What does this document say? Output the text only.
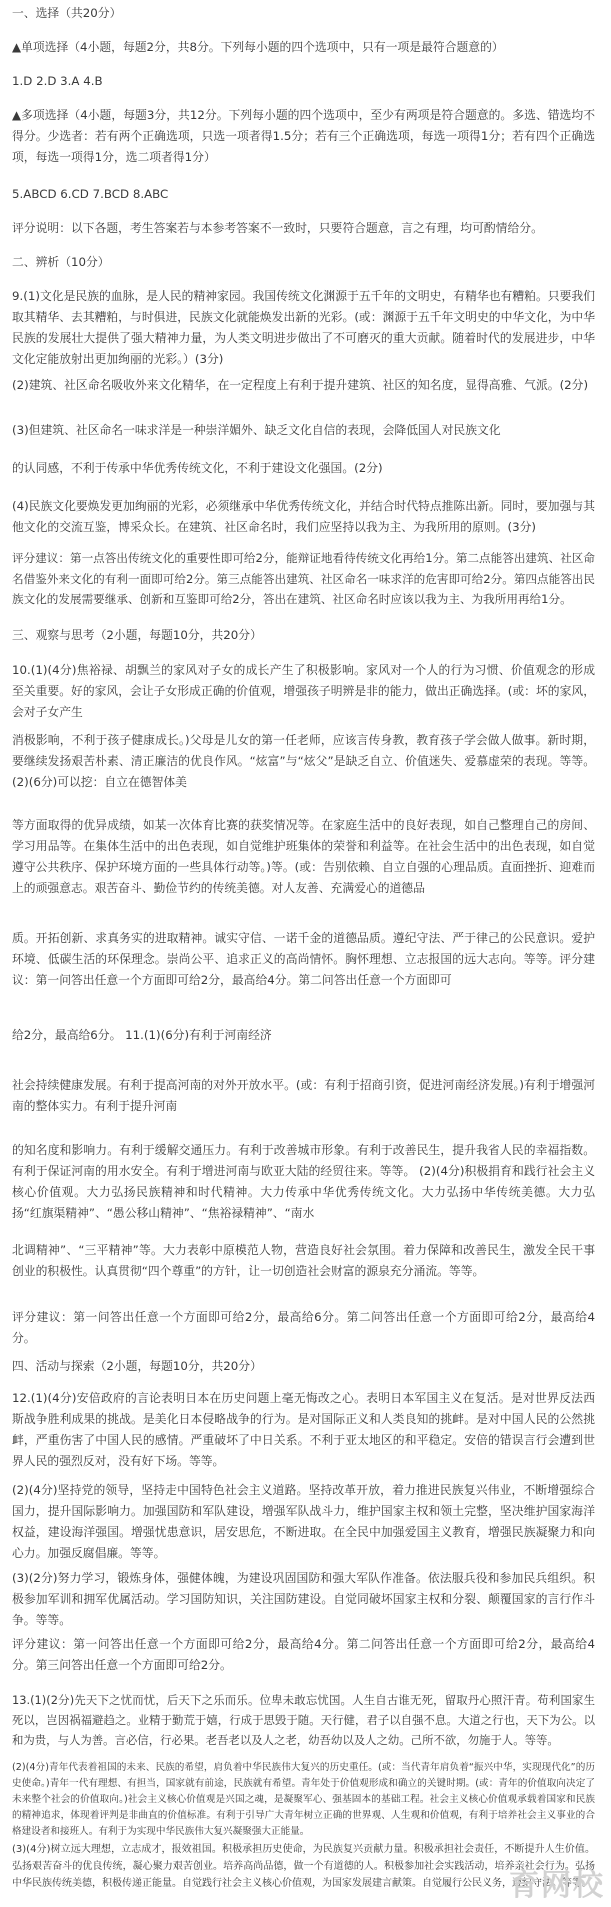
一、选择（共20分）

▲单项选择（4小题，每题2分，共8分。下列每小题的四个选项中，只有一项是最符合题意的）

1.D 2.D 3.A 4.B

▲多项选择（4小题，每题3分，共12分。下列每小题的四个选项中，至少有两项是符合题意的。多选、错选均不得分。少选者：若有两个正确选项，只选一项者得1.5分；若有三个正确选项，每选一项得1分；若有四个正确选项，每选一项得1分，选二项者得1分）

5.ABCD 6.CD 7.BCD 8.ABC

评分说明：以下各题，考生答案若与本参考答案不一致时，只要符合题意，言之有理，均可酌情给分。

二、辨析（10分）

9.(1)文化是民族的血脉，是人民的精神家园。我国传统文化渊源于五千年的文明史，有精华也有糟粕。只要我们取其精华、去其糟粕，与时俱进，民族文化就能焕发出新的光彩。(或：渊源于五千年文明史的中华文化，为中华民族的发展壮大提供了强大精神力量，为人类文明进步做出了不可磨灭的重大贡献。随着时代的发展进步，中华文化定能放射出更加绚丽的光彩。）(3分)

(2)建筑、社区命名吸收外来文化精华，在一定程度上有利于提升建筑、社区的知名度，显得高雅、气派。(2分)

(3)但建筑、社区命名一味求洋是一种崇洋媚外、缺乏文化自信的表现，会降低国人对民族文化

的认同感，不利于传承中华优秀传统文化，不利于建设文化强国。(2分)

(4)民族文化要焕发更加绚丽的光彩，必须继承中华优秀传统文化，并结合时代特点推陈出新。同时，要加强与其他文化的交流互鉴，博采众长。在建筑、社区命名时，我们应坚持以我为主、为我所用的原则。(3分)

评分建议：第一点答出传统文化的重要性即可给2分，能辩证地看待传统文化再给1分。第二点能答出建筑、社区命名借鉴外来文化的有利一面即可给2分。第三点能答出建筑、社区命名一味求洋的危害即可给2分。第四点能答出民族文化的发展需要继承、创新和互鉴即可给2分，答出在建筑、社区命名时应该以我为主、为我所用再给1分。

三、观察与思考（2小题，每题10分，共20分）

10.(1)(4分)焦裕禄、胡飘兰的家风对子女的成长产生了积极影响。家风对一个人的行为习惯、价值观念的形成至关重要。好的家风，会让子女形成正确的价值观，增强孩子明辨是非的能力，做出正确选择。(或：坏的家风，会对子女产生

消极影响，不利于孩子健康成长。)父母是儿女的第一任老师，应该言传身教，教育孩子学会做人做事。新时期，要继续发扬艰苦朴素、清正廉洁的优良作风。“炫富”与“炫父”是缺乏自立、价值迷失、爱慕虚荣的表现。等等。 (2)(6分)可以挖：自立在德智体美

等方面取得的优异成绩，如某一次体育比赛的获奖情况等。在家庭生活中的良好表现，如自己整理自己的房间、学习用品等。在集体生活中的出色表现，如自觉维护班集体的荣誉和利益等。在社会生活中的出色表现，如自觉遵守公共秩序、保护环境方面的一些具体行动等。)等。(或：告别依赖、自立自强的心理品质。直面挫折、迎难而上的顽强意志。艰苦奋斗、勤俭节约的传统美德。对人友善、充满爱心的道德品

质。开拓创新、求真务实的进取精神。诚实守信、一诺千金的道德品质。遵纪守法、严于律己的公民意识。爱护环境、低碳生活的环保理念。崇尚公平、追求正义的高尚情怀。胸怀理想、立志报国的远大志向。等等。评分建议：第一问答出任意一个方面即可给2分，最高给4分。第二问答出任意一个方面即可

给2分，最高给6分。 11.(1)(6分)有利于河南经济

社会持续健康发展。有利于提高河南的对外开放水平。(或：有利于招商引资，促进河南经济发展。)有利于增强河南的整体实力。有利于提升河南

的知名度和影响力。有利于缓解交通压力。有利于改善城市形象。有利于改善民生，提升我省人民的幸福指数。有利于保证河南的用水安全。有利于增进河南与欧亚大陆的经贸往来。等等。 (2)(4分)积极捐育和践行社会主义核心价值观。大力弘扬民族精神和时代精神。大力传承中华优秀传统文化。大力弘扬中华传统美德。大力弘扬“红旗渠精神”、“愚公移山精神”、“焦裕禄精神”、“南水

北调精神”、“三平精神”等。大力表彰中原模范人物，营造良好社会氛围。着力保障和改善民生，激发全民干事创业的积极性。认真贯彻“四个尊重”的方针，让一切创造社会财富的源泉充分涌流。等等。

评分建议：第一问答出任意一个方面即可给2分，最高给6分。第二问答出任意一个方面即可给2分，最高给4分。

四、活动与探索（2小题，每题10分，共20分）

12.(1)(4分)安倍政府的言论表明日本在历史问题上毫无悔改之心。表明日本军国主义在复活。是对世界反法西斯战争胜利成果的挑战。是美化日本侵略战争的行为。是对国际正义和人类良知的挑衅。是对中国人民的公然挑衅，严重伤害了中国人民的感情。严重破坏了中日关系。不利于亚太地区的和平稳定。安倍的错误言行会遭到世界人民的强烈反对，没有好下场。等等。

(2)(4分)坚持党的领导，坚持走中国特色社会主义道路。坚持改革开放，着力推进民族复兴伟业，不断增强综合国力，提升国际影响力。加强国防和军队建设，增强军队战斗力，维护国家主权和领土完整，坚决维护国家海洋权益，建设海洋强国。增强忧患意识，居安思危，不断进取。在全民中加强爱国主义教育，增强民族凝聚力和向心力。加强反腐倡廉。等等。

(3)(2分)努力学习，锻炼身体，强健体魄，为建设巩固国防和强大军队作准备。依法服兵役和参加民兵组织。积极参加军训和拥军优属活动。学习国防知识，关注国防建设。自觉同破坏国家主权和分裂、颠覆国家的言行作斗争。等等。

评分建议：第一问答出任意一个方面即可给2分，最高给4分。第二问答出任意一个方面即可给2分，最高给4分。第三问答出任意一个方面即可给2分。

13.(1)(2分)先天下之忧而忧，后天下之乐而乐。位卑未敢忘忧国。人生自古谁无死，留取丹心照汗青。苟利国家生死以，岂因祸福避趋之。业精于勤荒于嬉，行成于思毁于随。天行健，君子以自强不息。大道之行也，天下为公。以和为贵，与人为善。言必信，行必果。老吾老以及人之老，幼吾幼以及人之幼。己所不欲，勿施于人。等等。

(2)(4分)青年代表着祖国的未来、民族的希望，肩负着中华民族伟大复兴的历史重任。(或：当代青年肩负着“振兴中华，实现现代化”的历史使命。)青年一代有理想、有担当，国家就有前途，民族就有希望。青年处于价值观形成和确立的关键时期。(或：青年的价值取向决定了未来整个社会的价值取向。)社会主义核心价值观是兴国之魂，是凝聚军心、强基固本的基础工程。社会主义核心价值观承载着国家和民族的精神追求，体现着评判是非曲直的价值标准。有利于引导广大青年树立正确的世界观、人生观和价值观，有利于培养社会主义事业的合格建设者和接班人。有利于为实现中华民族伟大复兴凝聚强大正能量。

(3)(4分)树立远大理想，立志成才，报效祖国。积极承担历史使命，为民族复兴贡献力量。积极承担社会责任，不断提升人生价值。弘扬艰苦奋斗的优良传统，凝心聚力艰苦创业。培养高尚品德，做一个有道德的人。积极参加社会实践活动，培养亲社会行为。弘扬中华民族传统美德，积极传递正能量。自觉践行社会主义核心价值观，为国家发展建言献策。自觉履行公民义务，遵纪守法。等等。

育网校
